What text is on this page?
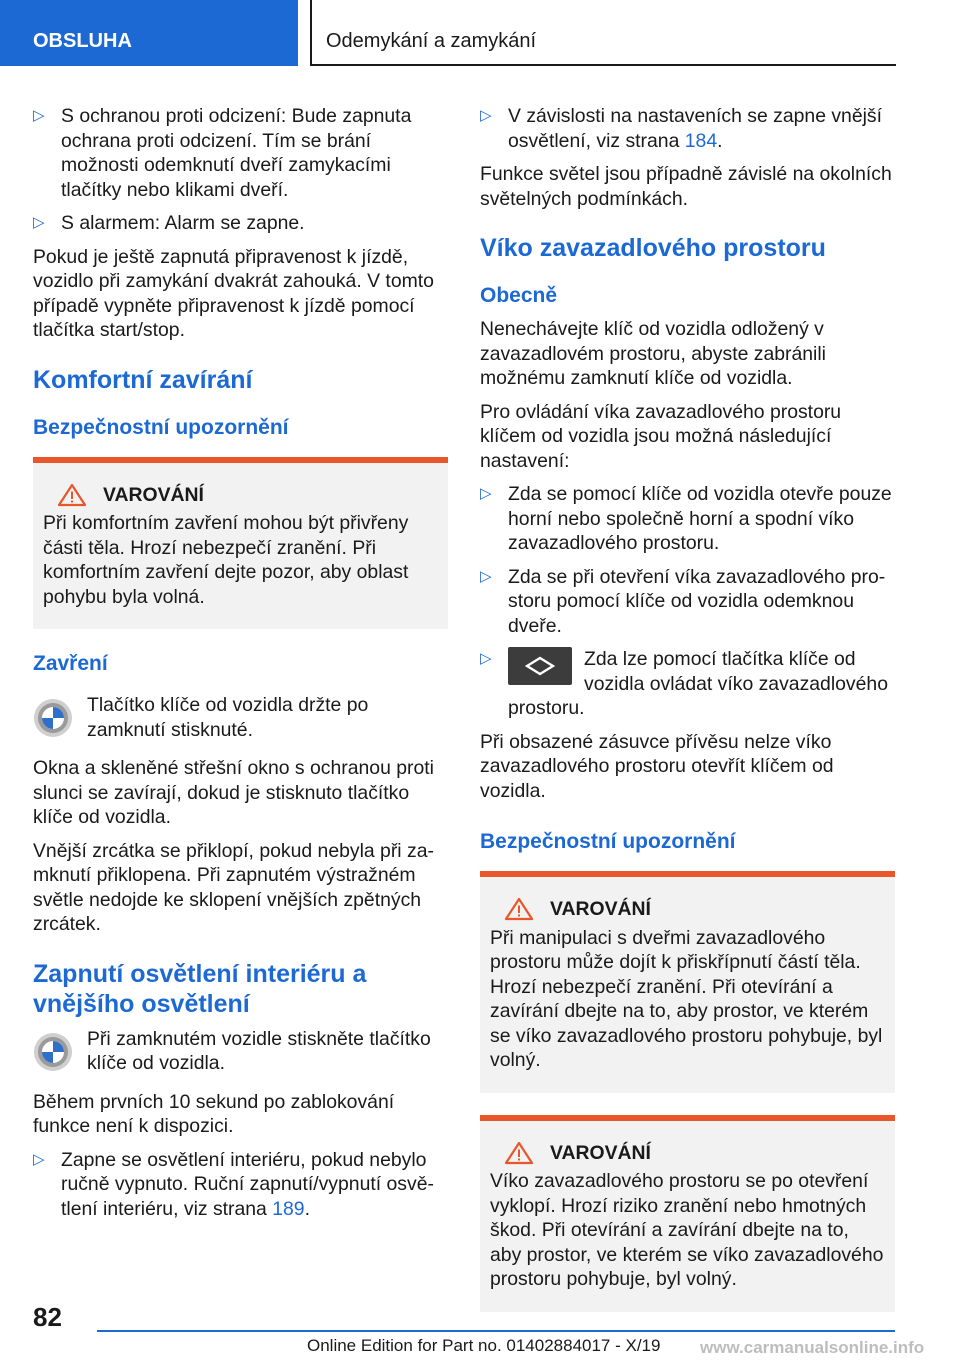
OBSLUHA	Odemykání a zamykání
▷ S ochranou proti odcizení: Bude zapnuta ochrana proti odcizení. Tím se brání možnosti odemknutí dveří zamykacími tlačítky nebo klikami dveří.
▷ S alarmem: Alarm se zapne.

Pokud je ještě zapnutá připravenost k jízdě, vozidlo při zamykání dvakrát zahouká. V tomto případě vypněte připravenost k jízdě pomocí tlačítka start/stop.

Komfortní zavírání
Bezpečnostní upozornění
VAROVÁNÍ

Při komfortním zavření mohou být přivřeny části těla. Hrozí nebezpečí zranění. Při komfortním zavření dejte pozor, aby oblast pohybu byla volná.

Zavření

Tlačítko klíče od vozidla držte po zamknutí stisknuté.

Okna a skleněné střešní okno s ochranou proti slunci se zavírají, dokud je stisknuto tlačítko klíče od vozidla.

Vnější zrcátka se přiklopí, pokud nebyla při zamknutí přiklopena. Při zapnutém výstražném světle nedojde ke sklopení vnějších zpětných zrcátek.

Zapnutí osvětlení interiéru a vnějšího osvětlení

Při zamknutém vozidle stiskněte tlačítko klíče od vozidla.

Během prvních 10 sekund po zablokování funkce není k dispozici.

▷ Zapne se osvětlení interiéru, pokud nebylo ručně vypnuto. Ruční zapnutí/vypnutí osvětlení interiéru, viz strana 189.
▷ V závislosti na nastaveních se zapne vnější osvětlení, viz strana 184.

Funkce světel jsou případně závislé na okolních světelných podmínkách.

Víko zavazadlového prostoru
Obecně

Nenechávejte klíč od vozidla odložený v zavazadlovém prostoru, abyste zabránili možnému zamknutí klíče od vozidla.

Pro ovládání víka zavazadlového prostoru klíčem od vozidla jsou možná následující nastavení:

▷ Zda se pomocí klíče od vozidla otevře pouze horní nebo společně horní a spodní víko zavazadlového prostoru.
▷ Zda se při otevření víka zavazadlového prostoru pomocí klíče od vozidla odemknou dveře.
▷	Zda lze pomocí tlačítka klíče od vozidla ovládat víko zavazadlového prostoru.

Při obsazené zásuvce přívěsu nelze víko zavazadlového prostoru otevřít klíčem od vozidla.

Bezpečnostní upozornění
VAROVÁNÍ

Při manipulaci s dveřmi zavazadlového prostoru může dojít k přiskřípnutí částí těla. Hrozí nebezpečí zranění. Při otevírání a zavírání dbejte na to, aby prostor, ve kterém se víko zavazadlového prostoru pohybuje, byl volný.

VAROVÁNÍ

Víko zavazadlového prostoru se po otevření vyklopí. Hrozí riziko zranění nebo hmotných škod. Při otevírání a zavírání dbejte na to, aby prostor, ve kterém se víko zavazadlového prostoru pohybuje, byl volný.

82
Online Edition for Part no. 01402884017 - X/19 www.carmanualsonline.info
